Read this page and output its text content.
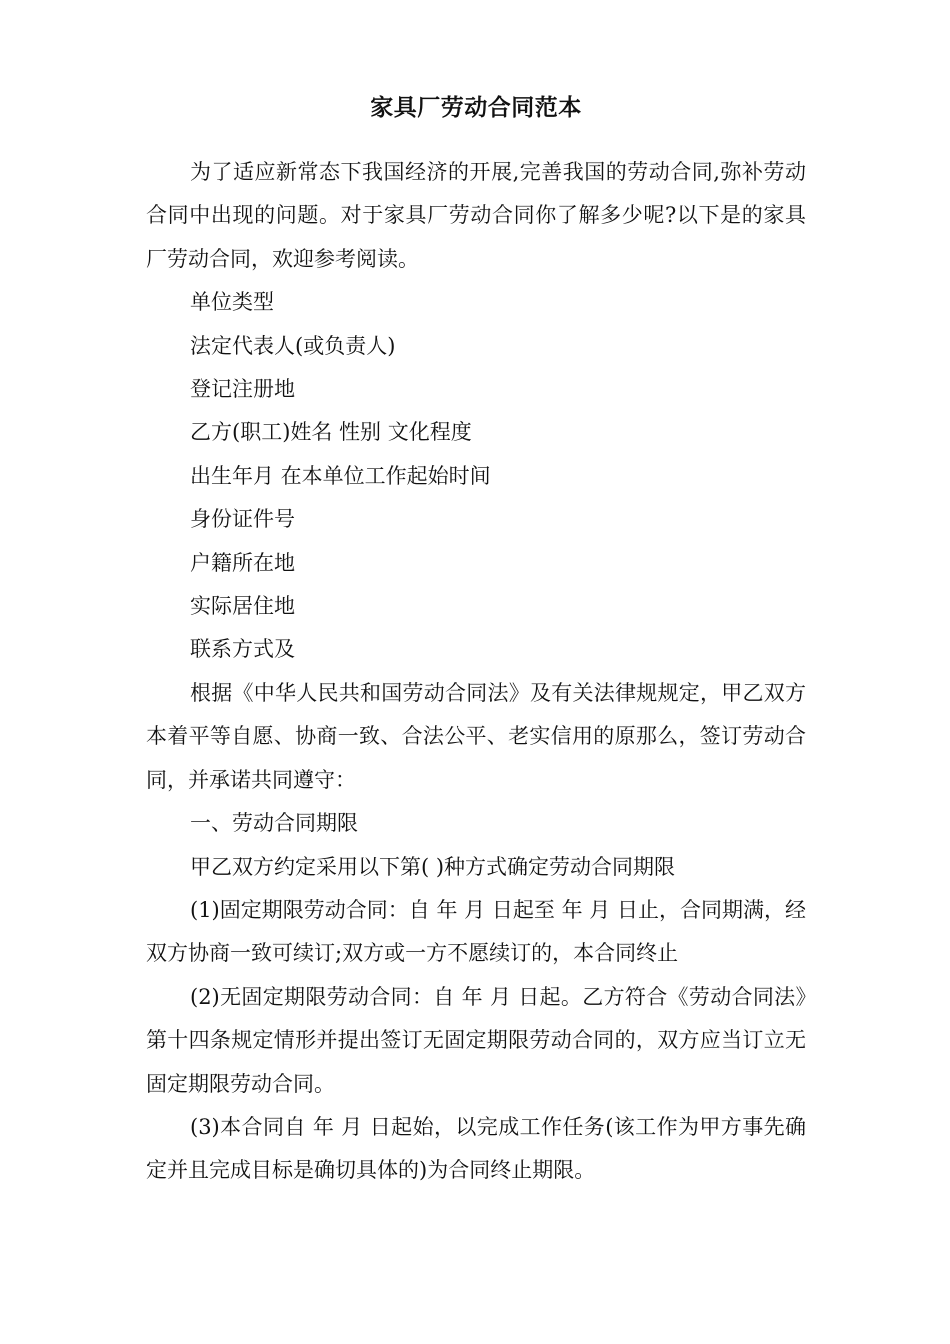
家具厂劳动合同范本

为了适应新常态下我国经济的开展,完善我国的劳动合同,弥补劳动合同中出现的问题。对于家具厂劳动合同你了解多少呢?以下是的家具厂劳动合同，欢迎参考阅读。

单位类型

法定代表人(或负责人)

登记注册地

乙方(职工)姓名 性别 文化程度

出生年月 在本单位工作起始时间

身份证件号

户籍所在地

实际居住地

联系方式及

根据《中华人民共和国劳动合同法》及有关法律规规定，甲乙双方本着平等自愿、协商一致、合法公平、老实信用的原那么，签订劳动合同，并承诺共同遵守：

一、劳动合同期限

甲乙双方约定采用以下第( )种方式确定劳动合同期限

(1)固定期限劳动合同：自 年 月 日起至 年 月 日止，合同期满，经双方协商一致可续订;双方或一方不愿续订的，本合同终止

(2)无固定期限劳动合同：自 年 月 日起。乙方符合《劳动合同法》第十四条规定情形并提出签订无固定期限劳动合同的，双方应当订立无固定期限劳动合同。

(3)本合同自 年 月 日起始，以完成工作任务(该工作为甲方事先确定并且完成目标是确切具体的)为合同终止期限。
